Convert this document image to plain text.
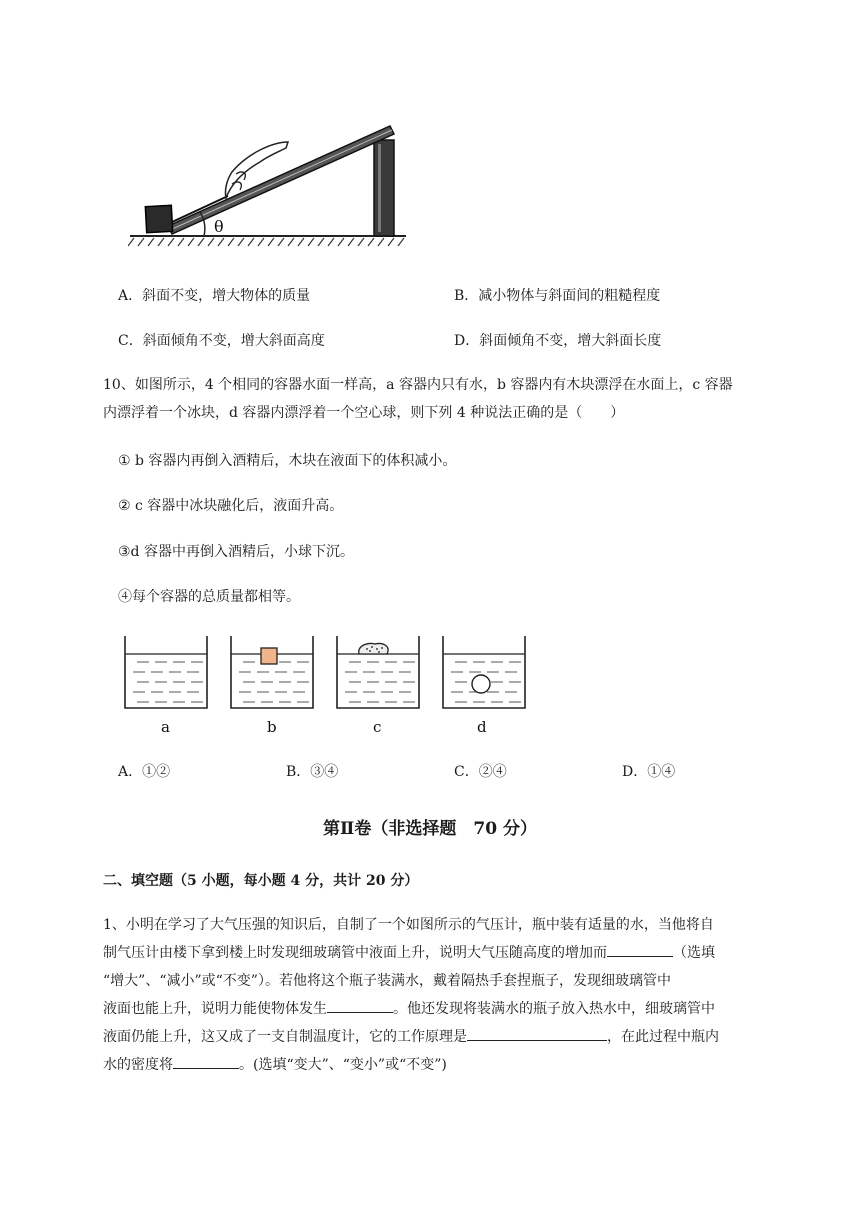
θ
A．斜面不变，增大物体的质量	B．减小物体与斜面间的粗糙程度
C．斜面倾角不变，增大斜面高度	D．斜面倾角不变，增大斜面长度
10、如图所示，4 个相同的容器水面一样高，a 容器内只有水，b 容器内有木块漂浮在水面上，c 容器
内漂浮着一个冰块，d 容器内漂浮着一个空心球，则下列 4 种说法正确的是（　　）
① b 容器内再倒入酒精后，木块在液面下的体积减小。
② c 容器中冰块融化后，液面升高。
③d 容器中再倒入酒精后，小球下沉。
④每个容器的总质量都相等。
a	b	c	d
A．①②	B．③④	C．②④	D．①④
第Ⅱ卷（非选择题　70 分）
二、填空题（5 小题，每小题 4 分，共计 20 分）
1、小明在学习了大气压强的知识后，自制了一个如图所示的气压计，瓶中装有适量的水，当他将自
制气压计由楼下拿到楼上时发现细玻璃管中液面上升，说明大气压随高度的增加而	（选填
“增大”、“减小”或“不变”）。若他将这个瓶子装满水，戴着隔热手套捏瓶子，发现细玻璃管中
液面也能上升，说明力能使物体发生	。他还发现将装满水的瓶子放入热水中，细玻璃管中
液面仍能上升，这又成了一支自制温度计，它的工作原理是	，在此过程中瓶内
水的密度将	。(选填“变大”、“变小”或“不变”)
